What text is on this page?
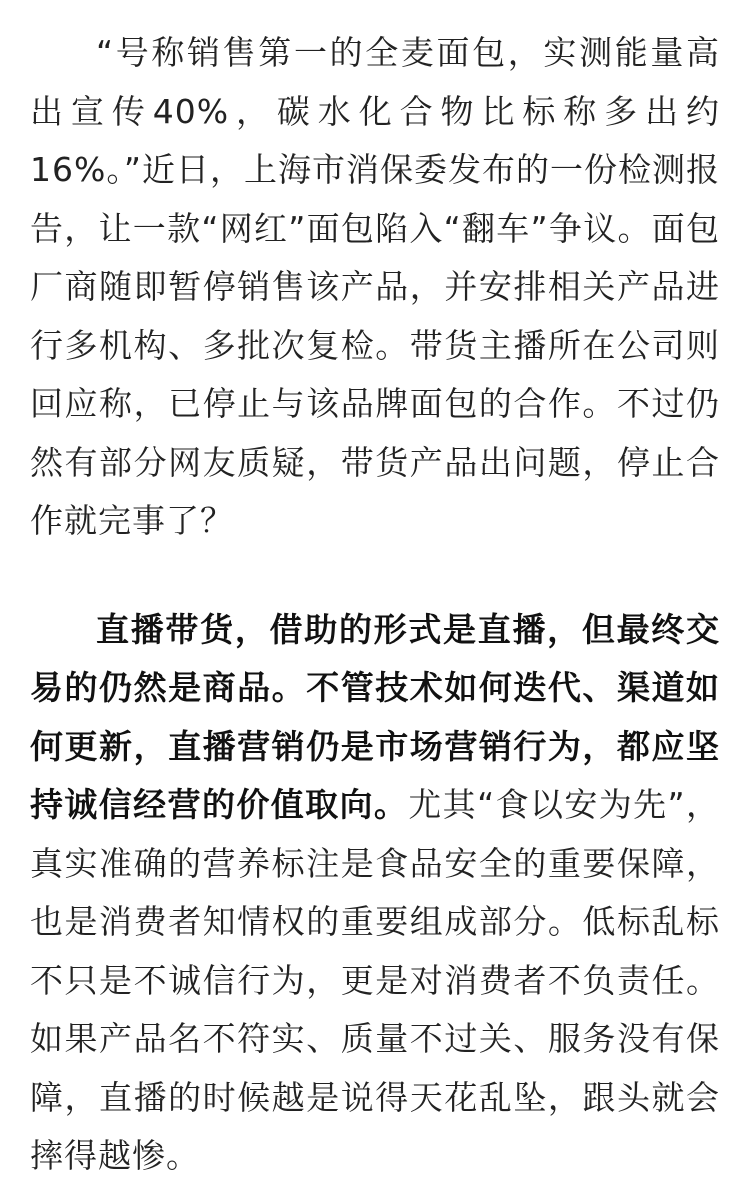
“号称销售第一的全麦面包，实测能量高出宣传40%，碳水化合物比标称多出约16%。”近日，上海市消保委发布的一份检测报告，让一款“网红”面包陷入“翻车”争议。面包厂商随即暂停销售该产品，并安排相关产品进行多机构、多批次复检。带货主播所在公司则回应称，已停止与该品牌面包的合作。不过仍然有部分网友质疑，带货产品出问题，停止合作就完事了？

直播带货，借助的形式是直播，但最终交易的仍然是商品。不管技术如何迭代、渠道如何更新，直播营销仍是市场营销行为，都应坚持诚信经营的价值取向。尤其“食以安为先”，真实准确的营养标注是食品安全的重要保障，也是消费者知情权的重要组成部分。低标乱标不只是不诚信行为，更是对消费者不负责任。如果产品名不符实、质量不过关、服务没有保障，直播的时候越是说得天花乱坠，跟头就会摔得越惨。
